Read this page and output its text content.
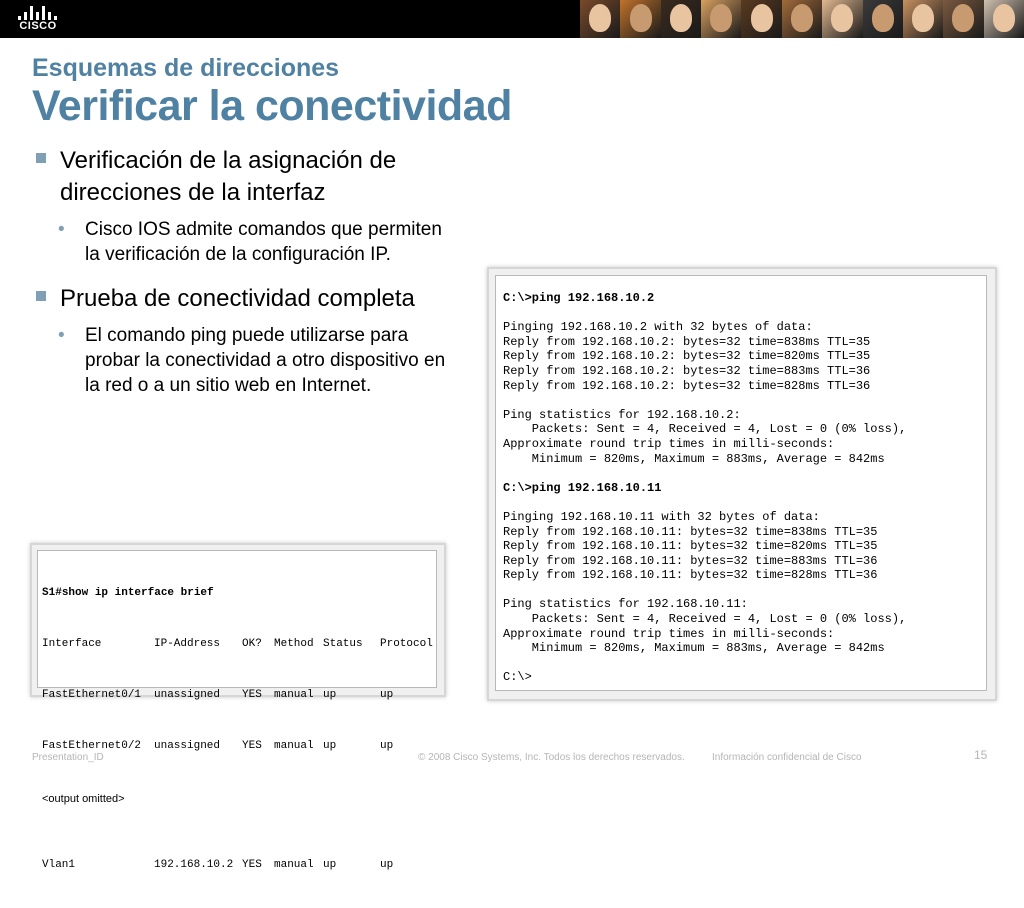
CISCO
Esquemas de direcciones
Verificar la conectividad
Verificación de la asignación de direcciones de la interfaz
• Cisco IOS admite comandos que permiten la verificación de la configuración IP.
Prueba de conectividad completa
• El comando ping puede utilizarse para probar la conectividad a otro dispositivo en la red o a un sitio web en Internet.

S1# show ip interface brief

Interface	IP-Address	OK?	Method Status	Protocol

FastEthernet0/1	unassigned	YES	manual up	up

FastEthernet0/2	unassigned	YES	manual up	up

<output omitted>

Vlan1	192.168.10.2 YES	manual up	up

C:\>ping 192.168.10.2
Pinging 192.168.10.2 with 32 bytes of data:
Reply from 192.168.10.2: bytes=32 time=838ms TTL=35
Reply from 192.168.10.2: bytes=32 time=820ms TTL=35
Reply from 192.168.10.2: bytes=32 time=883ms TTL=36
Reply from 192.168.10.2: bytes=32 time=828ms TTL=36
Ping statistics for 192.168.10.2:
Packets: Sent = 4, Received = 4, Lost = 0 (0% loss),
Approximate round trip times in milli-seconds:
Minimum = 820ms, Maximum = 883ms, Average = 842ms
C:\>ping 192.168.10.11
Pinging 192.168.10.11 with 32 bytes of data:
Reply from 192.168.10.11: bytes=32 time=838ms TTL=35
Reply from 192.168.10.11: bytes=32 time=820ms TTL=35
Reply from 192.168.10.11: bytes=32 time=883ms TTL=36
Reply from 192.168.10.11: bytes=32 time=828ms TTL=36
Ping statistics for 192.168.10.11:
Packets: Sent = 4, Received = 4, Lost = 0 (0% loss),
Approximate round trip times in milli-seconds:
Minimum = 820ms, Maximum = 883ms, Average = 842ms
C:\>
Presentation_ID	© 2008 Cisco Systems, Inc. Todos los derechos reservados.	Información confidencial de Cisco	15
